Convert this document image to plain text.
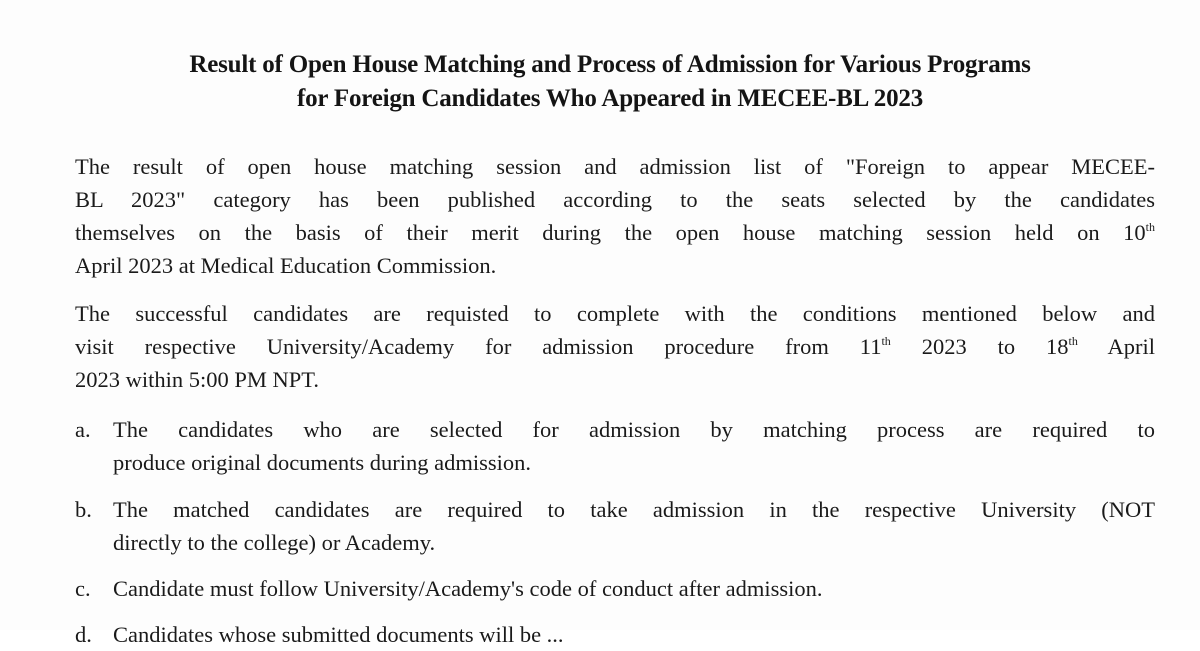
Result of Open House Matching and Process of Admission for Various Programs
for Foreign Candidates Who Appeared in MECEE-BL 2023
The result of open house matching session and admission list of "Foreign to appear MECEE-
BL 2023" category has been published according to the seats selected by the candidates
themselves on the basis of their merit during the open house matching session held on 10th
April 2023 at Medical Education Commission.
The successful candidates are requisted to complete with the conditions mentioned below and
visit respective University/Academy for admission procedure from 11th 2023 to 18th April
2023 within 5:00 PM NPT.
a. The candidates who are selected for admission by matching process are required to
produce original documents during admission.
b. The matched candidates are required to take admission in the respective University (NOT
directly to the college) or Academy.
c. Candidate must follow University/Academy's code of conduct after admission.
d. Candidates whose submitted documents will be ...
